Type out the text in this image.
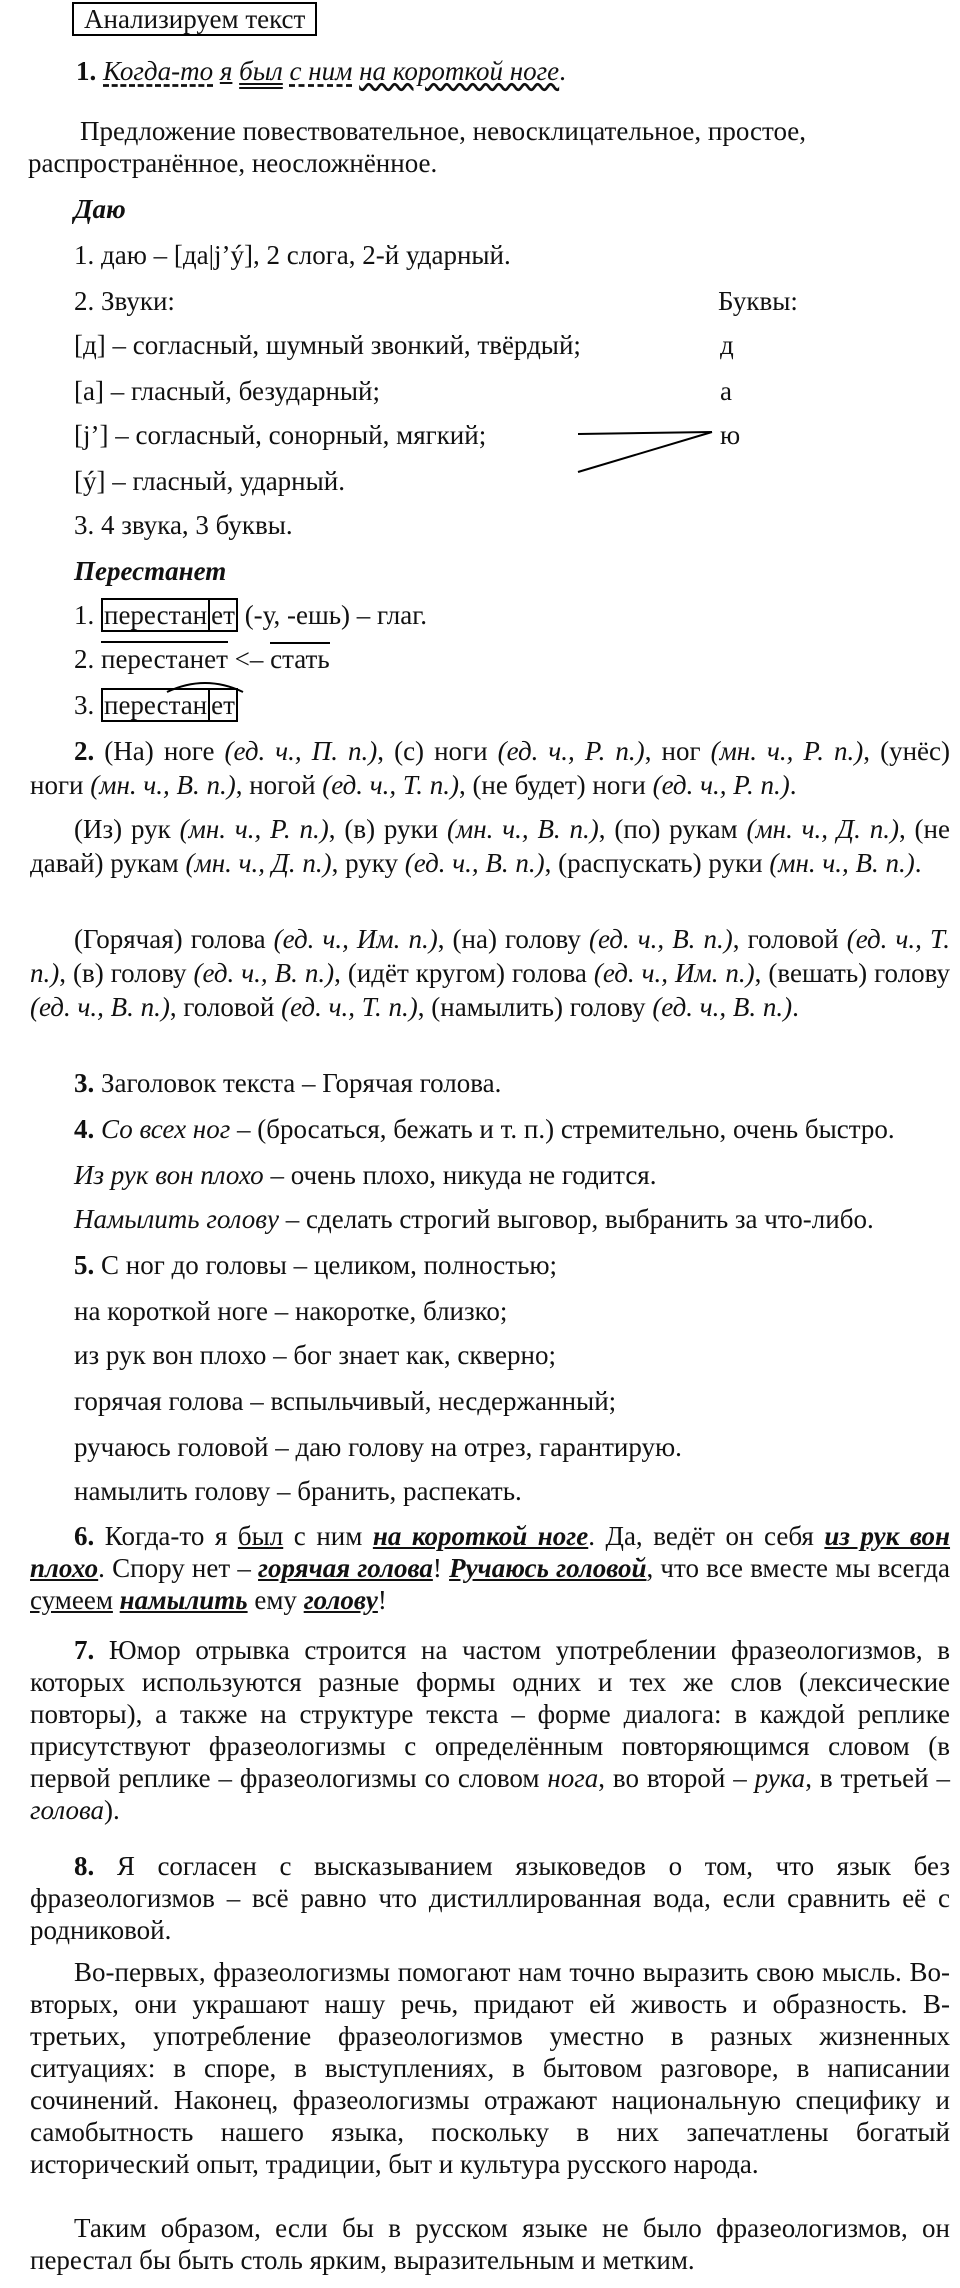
Анализируем текст
1. Когда-то я был с ним на короткой ноге.
Предложение повествовательное, невосклицательное, простое,
распространённое, неосложнённое.
Даю
1. даю – [да|j’ý], 2 слога, 2-й ударный.
2. Звуки:	Буквы:
[д] – согласный, шумный звонкий, твёрдый;	д
[а] – гласный, безударный;	а
[j’] – согласный, сонорный, мягкий;	ю
[ý] – гласный, ударный.
3. 4 звука, 3 буквы.
Перестанет
1. перестан ет (-у, -ешь) – глаг.
2. перестанет <– стать
3. перестан ет

2. (На) ноге (ед. ч., П. п.), (с) ноги (ед. ч., Р. п.), ног (мн. ч., Р. п.), (унёс) ноги (мн. ч., В. п.), ногой (ед. ч., Т. п.), (не будет) ноги (ед. ч., Р. п.).

(Из) рук (мн. ч., Р. п.), (в) руки (мн. ч., В. п.), (по) рукам (мн. ч., Д. п.), (не давай) рукам (мн. ч., Д. п.), руку (ед. ч., В. п.), (распускать) руки (мн. ч., В. п.).

(Горячая) голова (ед. ч., Им. п.), (на) голову (ед. ч., В. п.), головой (ед. ч., Т. п.), (в) голову (ед. ч., В. п.), (идёт кругом) голова (ед. ч., Им. п.), (вешать) голову (ед. ч., В. п.), головой (ед. ч., Т. п.), (намылить) голову (ед. ч., В. п.).

3. Заголовок текста – Горячая голова.
4. Со всех ног – (бросаться, бежать и т. п.) стремительно, очень быстро.
Из рук вон плохо – очень плохо, никуда не годится.
Намылить голову – сделать строгий выговор, выбранить за что-либо.
5. С ног до головы – целиком, полностью;
на короткой ноге – накоротке, близко;
из рук вон плохо – бог знает как, скверно;
горячая голова – вспыльчивый, несдержанный;
ручаюсь головой – даю голову на отрез, гарантирую.
намылить голову – бранить, распекать.

6. Когда-то я был с ним на короткой ноге. Да, ведёт он себя из рук вон плохо. Спору нет – горячая голова! Ручаюсь головой, что все вместе мы всегда сумеем намылить ему голову!

7. Юмор отрывка строится на частом употреблении фразеологизмов, в которых используются разные формы одних и тех же слов (лексические повторы), а также на структуре текста – форме диалога: в каждой реплике присутствуют фразеологизмы с определённым повторяющимся словом (в первой реплике – фразеологизмы со словом нога, во второй – рука, в третьей – голова).

8. Я согласен с высказыванием языковедов о том, что язык без фразеологизмов – всё равно что дистиллированная вода, если сравнить её с родниковой.

Во-первых, фразеологизмы помогают нам точно выразить свою мысль. Во-вторых, они украшают нашу речь, придают ей живость и образность. В-третьих, употребление фразеологизмов уместно в разных жизненных ситуациях: в споре, в выступлениях, в бытовом разговоре, в написании сочинений. Наконец, фразеологизмы отражают национальную специфику и самобытность нашего языка, поскольку в них запечатлены богатый исторический опыт, традиции, быт и культура русского народа.

Таким образом, если бы в русском языке не было фразеологизмов, он перестал бы быть столь ярким, выразительным и метким.
